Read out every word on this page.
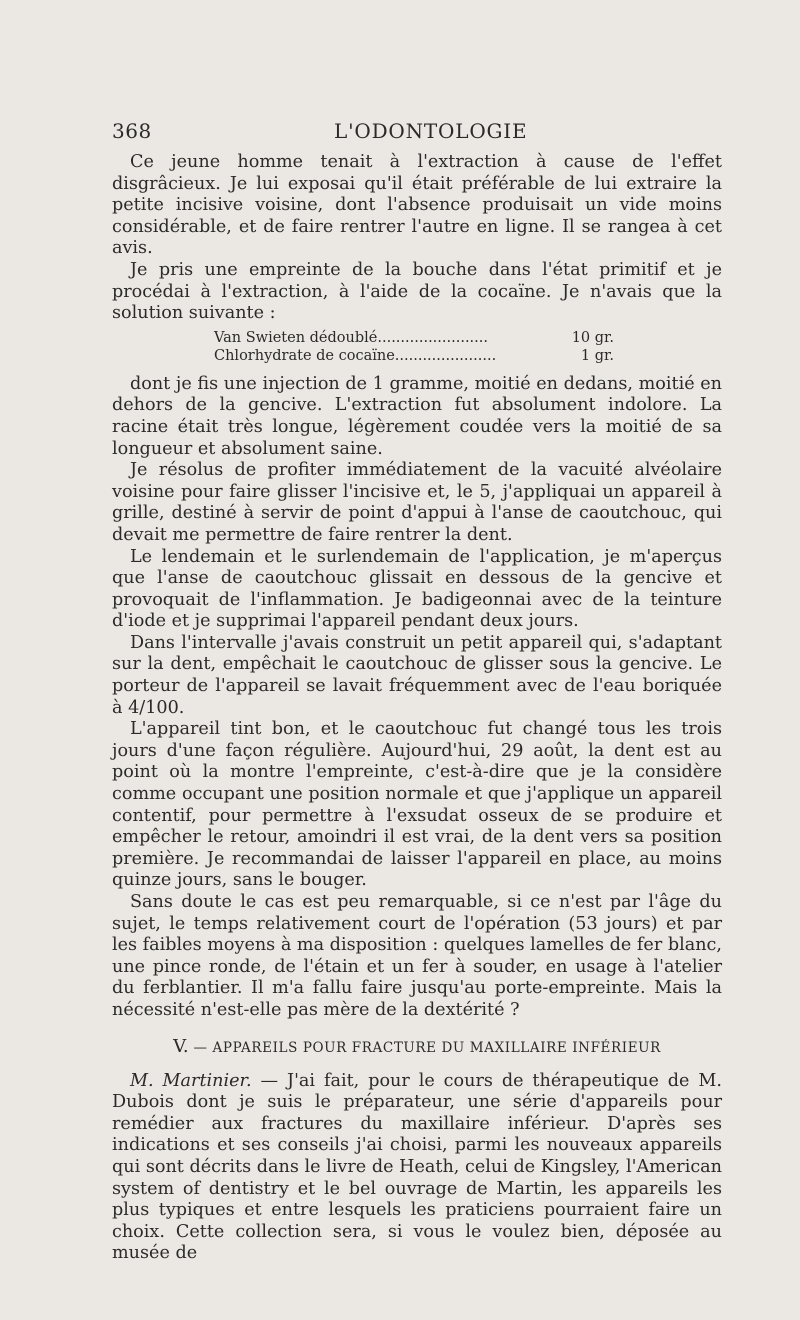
368	L'ODONTOLOGIE

Ce jeune homme tenait à l'extraction à cause de l'effet disgrâcieux. Je lui exposai qu'il était préférable de lui extraire la petite incisive voisine, dont l'absence produisait un vide moins considérable, et de faire rentrer l'autre en ligne. Il se rangea à cet avis.

Je pris une empreinte de la bouche dans l'état primitif et je procédai à l'extraction, à l'aide de la cocaïne. Je n'avais que la solution suivante :

Van Swieten dédoublé........................	10 gr.
Chlorhydrate de cocaïne......................	1 gr.

dont je fis une injection de 1 gramme, moitié en dedans, moitié en dehors de la gencive. L'extraction fut absolument indolore. La racine était très longue, légèrement coudée vers la moitié de sa longueur et absolument saine.

Je résolus de profiter immédiatement de la vacuité alvéolaire voisine pour faire glisser l'incisive et, le 5, j'appliquai un appareil à grille, destiné à servir de point d'appui à l'anse de caoutchouc, qui devait me permettre de faire rentrer la dent.

Le lendemain et le surlendemain de l'application, je m'aperçus que l'anse de caoutchouc glissait en dessous de la gencive et provoquait de l'inflammation. Je badigeonnai avec de la teinture d'iode et je supprimai l'appareil pendant deux jours.

Dans l'intervalle j'avais construit un petit appareil qui, s'adaptant sur la dent, empêchait le caoutchouc de glisser sous la gencive. Le porteur de l'appareil se lavait fréquemment avec de l'eau boriquée à 4/100.

L'appareil tint bon, et le caoutchouc fut changé tous les trois jours d'une façon régulière. Aujourd'hui, 29 août, la dent est au point où la montre l'empreinte, c'est-à-dire que je la considère comme occupant une position normale et que j'applique un appareil contentif, pour permettre à l'exsudat osseux de se produire et empêcher le retour, amoindri il est vrai, de la dent vers sa position première. Je recommandai de laisser l'appareil en place, au moins quinze jours, sans le bouger.

Sans doute le cas est peu remarquable, si ce n'est par l'âge du sujet, le temps relativement court de l'opération (53 jours) et par les faibles moyens à ma disposition : quelques lamelles de fer blanc, une pince ronde, de l'étain et un fer à souder, en usage à l'atelier du ferblantier. Il m'a fallu faire jusqu'au porte-empreinte. Mais la nécessité n'est-elle pas mère de la dextérité ?

V. — APPAREILS POUR FRACTURE DU MAXILLAIRE INFÉRIEUR

M. Martinier. — J'ai fait, pour le cours de thérapeutique de M. Dubois dont je suis le préparateur, une série d'appareils pour remédier aux fractures du maxillaire inférieur. D'après ses indications et ses conseils j'ai choisi, parmi les nouveaux appareils qui sont décrits dans le livre de Heath, celui de Kingsley, l'American system of dentistry et le bel ouvrage de Martin, les appareils les plus typiques et entre lesquels les praticiens pourraient faire un choix. Cette collection sera, si vous le voulez bien, déposée au musée de
